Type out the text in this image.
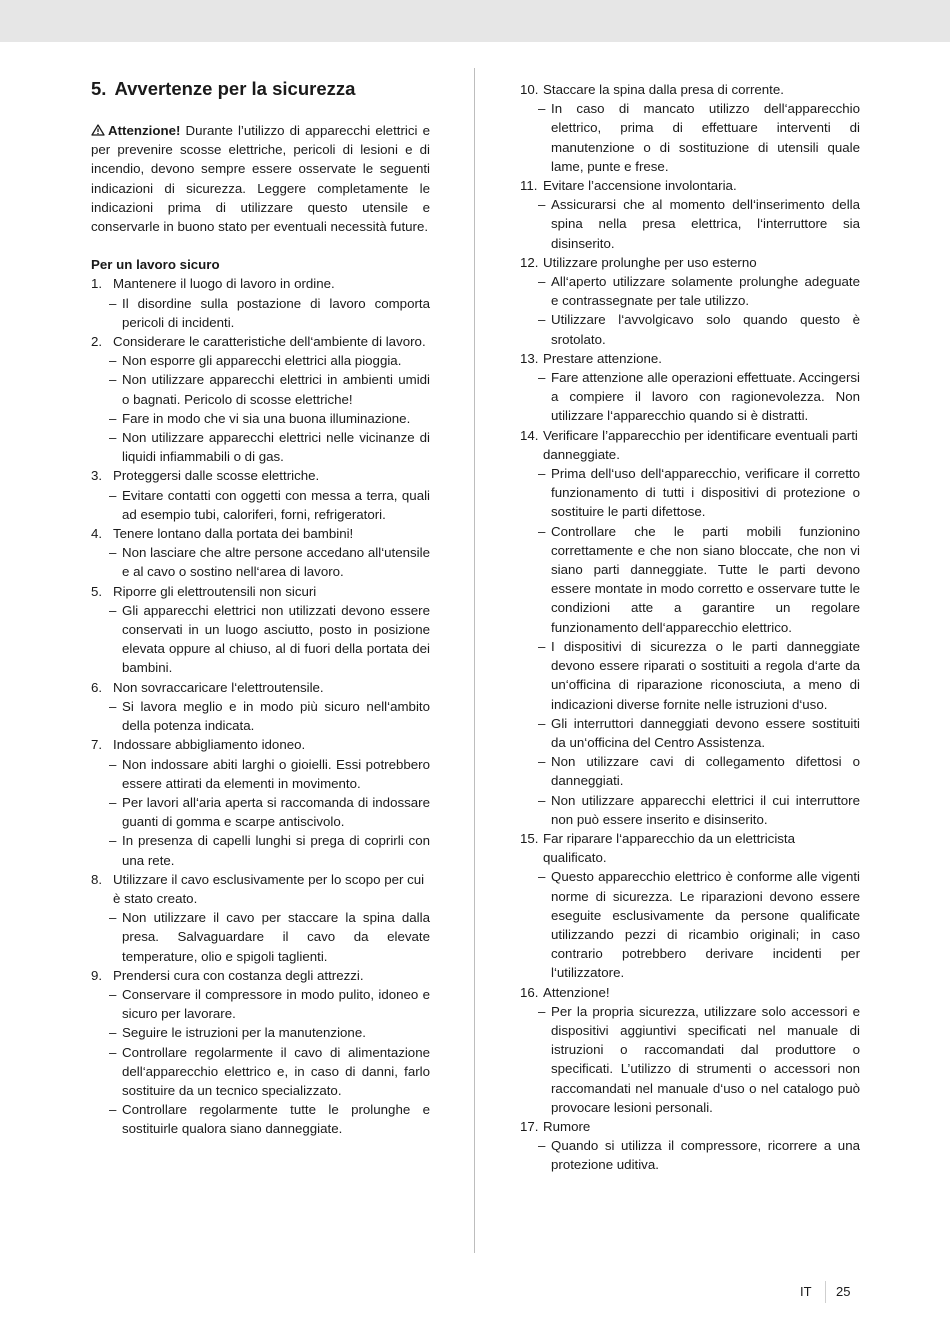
5. Avvertenze per la sicurezza

Attenzione! Durante l’utilizzo di apparecchi elettrici e per prevenire scosse elettriche, pericoli di lesioni e di incendio, devono sempre essere osservate le seguenti indicazioni di sicurezza. Leggere completamente le indicazioni prima di utilizzare questo utensile e conservarle in buono stato per eventuali necessità future.

Per un lavoro sicuro

1. Mantenere il luogo di lavoro in ordine.
– Il disordine sulla postazione di lavoro comporta pericoli di incidenti.
2. Considerare le caratteristiche dell‘ambiente di lavoro.
– Non esporre gli apparecchi elettrici alla pioggia.
– Non utilizzare apparecchi elettrici in ambienti umidi o bagnati. Pericolo di scosse elettriche!
– Fare in modo che vi sia una buona illuminazione.
– Non utilizzare apparecchi elettrici nelle vicinanze di liquidi infiammabili o di gas.
3. Proteggersi dalle scosse elettriche.
– Evitare contatti con oggetti con messa a terra, quali ad esempio tubi, caloriferi, forni, refrigeratori.
4. Tenere lontano dalla portata dei bambini!
– Non lasciare che altre persone accedano all‘utensile e al cavo o sostino nell‘area di lavoro.
5. Riporre gli elettroutensili non sicuri
– Gli apparecchi elettrici non utilizzati devono essere conservati in un luogo asciutto, posto in posizione elevata oppure al chiuso, al di fuori della portata dei bambini.
6. Non sovraccaricare l‘elettroutensile.
– Si lavora meglio e in modo più sicuro nell‘ambito della potenza indicata.
7. Indossare abbigliamento idoneo.
– Non indossare abiti larghi o gioielli. Essi potrebbero essere attirati da elementi in movimento.
– Per lavori all‘aria aperta si raccomanda di indossare guanti di gomma e scarpe antiscivolo.
– In presenza di capelli lunghi si prega di coprirli con una rete.
8. Utilizzare il cavo esclusivamente per lo scopo per cui è stato creato.
– Non utilizzare il cavo per staccare la spina dalla presa. Salvaguardare il cavo da elevate temperature, olio e spigoli taglienti.
9. Prendersi cura con costanza degli attrezzi.
– Conservare il compressore in modo pulito, idoneo e sicuro per lavorare.
– Seguire le istruzioni per la manutenzione.
– Controllare regolarmente il cavo di alimentazione dell‘apparecchio elettrico e, in caso di danni, farlo sostituire da un tecnico specializzato.
– Controllare regolarmente tutte le prolunghe e sostituirle qualora siano danneggiate.
10. Staccare la spina dalla presa di corrente.
– In caso di mancato utilizzo dell‘apparecchio elettrico, prima di effettuare interventi di manutenzione o di sostituzione di utensili quale lame, punte e frese.
11. Evitare l’accensione involontaria.
– Assicurarsi che al momento dell‘inserimento della spina nella presa elettrica, l‘interruttore sia disinserito.
12. Utilizzare prolunghe per uso esterno
– All‘aperto utilizzare solamente prolunghe adeguate e contrassegnate per tale utilizzo.
– Utilizzare l‘avvolgicavo solo quando questo è srotolato.
13. Prestare attenzione.
– Fare attenzione alle operazioni effettuate. Accingersi a compiere il lavoro con ragionevolezza. Non utilizzare l‘apparecchio quando si è distratti.
14. Verificare l’apparecchio per identificare eventuali parti danneggiate.
– Prima dell‘uso dell‘apparecchio, verificare il corretto funzionamento di tutti i dispositivi di protezione o sostituire le parti difettose.
– Controllare che le parti mobili funzionino correttamente e che non siano bloccate, che non vi siano parti danneggiate. Tutte le parti devono essere montate in modo corretto e osservare tutte le condizioni atte a garantire un regolare funzionamento dell‘apparecchio elettrico.
– I dispositivi di sicurezza o le parti danneggiate devono essere riparati o sostituiti a regola d‘arte da un‘officina di riparazione riconosciuta, a meno di indicazioni diverse fornite nelle istruzioni d‘uso.
– Gli interruttori danneggiati devono essere sostituiti da un‘officina del Centro Assistenza.
– Non utilizzare cavi di collegamento difettosi o danneggiati.
– Non utilizzare apparecchi elettrici il cui interruttore non può essere inserito e disinserito.
15. Far riparare l‘apparecchio da un elettricista qualificato.
– Questo apparecchio elettrico è conforme alle vigenti norme di sicurezza. Le riparazioni devono essere eseguite esclusivamente da persone qualificate utilizzando pezzi di ricambio originali; in caso contrario potrebbero derivare incidenti per l‘utilizzatore.
16. Attenzione!
– Per la propria sicurezza, utilizzare solo accessori e dispositivi aggiuntivi specificati nel manuale di istruzioni o raccomandati dal produttore o specificati. L’utilizzo di strumenti o accessori non raccomandati nel manuale d‘uso o nel catalogo può provocare lesioni personali.
17. Rumore
– Quando si utilizza il compressore, ricorrere a una protezione uditiva.
IT 25
